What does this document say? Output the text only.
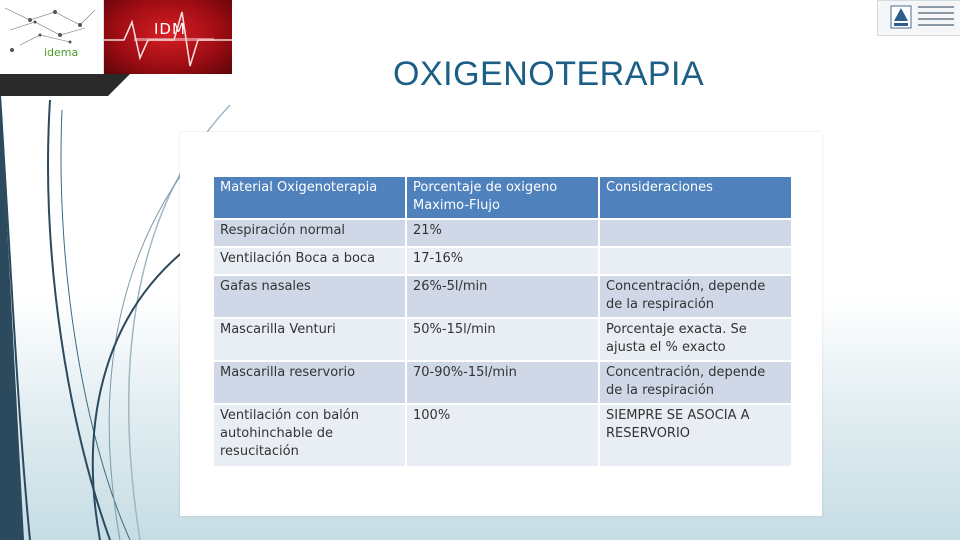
idema
IDM
OXIGENOTERAPIA
Material Oxigenoterapia	Porcentaje de oxigeno Maximo-Flujo	Consideraciones
Respiración normal	21%	
Ventilación Boca a boca	17-16%	
Gafas nasales	26%-5l/min	Concentración, depende de la respiración
Mascarilla Venturi	50%-15l/min	Porcentaje exacta. Se ajusta el % exacto
Mascarilla reservorio	70-90%-15l/min	Concentración, depende de la respiración
Ventilación con balón autohinchable de resucitación	100%	SIEMPRE SE ASOCIA A RESERVORIO
